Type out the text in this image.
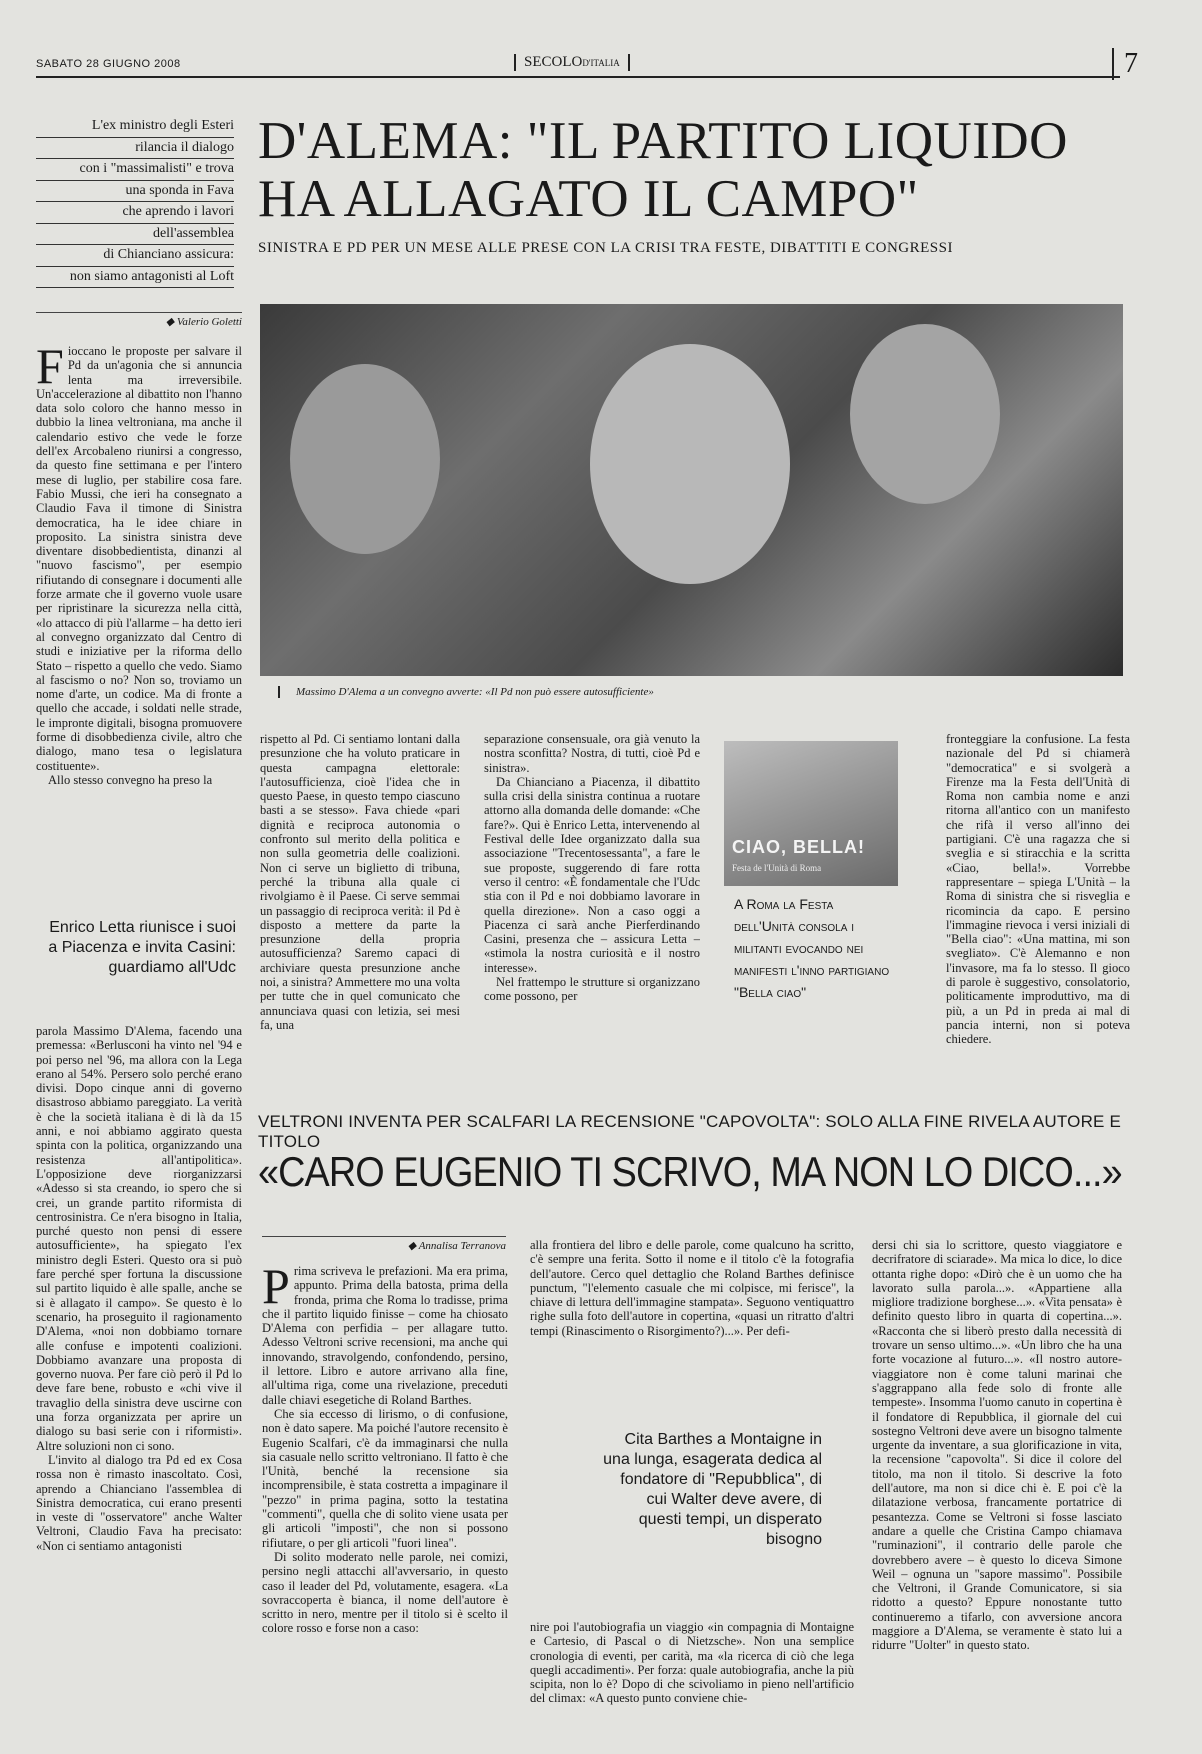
SABATO 28 GIUGNO 2008	SECOLOD'ITALIA	7
L'ex ministro degli Esteri
rilancia il dialogo
con i "massimalisti" e trova
una sponda in Fava
che aprendo i lavori
dell'assemblea
di Chianciano assicura:
non siamo antagonisti al Loft
D'ALEMA: "IL PARTITO LIQUIDO HA ALLAGATO IL CAMPO"
SINISTRA E PD PER UN MESE ALLE PRESE CON LA CRISI TRA FESTE, DIBATTITI E CONGRESSI
◆ Valerio Goletti
Massimo D'Alema a un convegno avverte: «Il Pd non può essere autosufficiente»
F ioccano le proposte per salvare il Pd da un'agonia che si annuncia lenta ma irreversibile. Un'accelerazione al dibattito non l'hanno data solo coloro che hanno messo in dubbio la linea veltroniana, ma anche il calendario estivo che vede le forze dell'ex Arcobaleno riunirsi a congresso, da questo fine settimana e per l'intero mese di luglio, per stabilire cosa fare. Fabio Mussi, che ieri ha consegnato a Claudio Fava il timone di Sinistra democratica, ha le idee chiare in proposito. La sinistra sinistra deve diventare disobbedientista, dinanzi al "nuovo fascismo", per esempio rifiutando di consegnare i documenti alle forze armate che il governo vuole usare per ripristinare la sicurezza nella città, «lo attacco di più l'allarme – ha detto ieri al convegno organizzato dal Centro di studi e iniziative per la riforma dello Stato – rispetto a quello che vedo. Siamo al fascismo o no? Non so, troviamo un nome d'arte, un codice. Ma di fronte a quello che accade, i soldati nelle strade, le impronte digitali, bisogna promuovere forme di disobbedienza civile, altro che dialogo, mano tesa o legislatura costituente».

Allo stesso convegno ha preso la

Enrico Letta riunisce i suoi a Piacenza e invita Casini: guardiamo all'Udc

parola Massimo D'Alema, facendo una premessa: «Berlusconi ha vinto nel '94 e poi perso nel '96, ma allora con la Lega erano al 54%. Persero solo perché erano divisi. Dopo cinque anni di governo disastroso abbiamo pareggiato. La verità è che la società italiana è di là da 15 anni, e noi abbiamo aggirato questa spinta con la politica, organizzando una resistenza all'antipolitica». L'opposizione deve riorganizzarsi «Adesso si sta creando, io spero che si crei, un grande partito riformista di centrosinistra. Ce n'era bisogno in Italia, purché questo non pensi di essere autosufficiente», ha spiegato l'ex ministro degli Esteri. Questo ora si può fare perché sper fortuna la discussione sul partito liquido è alle spalle, anche se si è allagato il campo». Se questo è lo scenario, ha proseguito il ragionamento D'Alema, «noi non dobbiamo tornare alle confuse e impotenti coalizioni. Dobbiamo avanzare una proposta di governo nuova. Per fare ciò però il Pd lo deve fare bene, robusto e «chi vive il travaglio della sinistra deve uscirne con una forza organizzata per aprire un dialogo su basi serie con i riformisti». Altre soluzioni non ci sono.

L'invito al dialogo tra Pd ed ex Cosa rossa non è rimasto inascoltato. Così, aprendo a Chianciano l'assemblea di Sinistra democratica, cui erano presenti in veste di "osservatore" anche Walter Veltroni, Claudio Fava ha precisato: «Non ci sentiamo antagonisti

rispetto al Pd. Ci sentiamo lontani dalla presunzione che ha voluto praticare in questa campagna elettorale: l'autosufficienza, cioè l'idea che in questo Paese, in questo tempo ciascuno basti a se stesso». Fava chiede «pari dignità e reciproca autonomia o confronto sul merito della politica e non sulla geometria delle coalizioni. Non ci serve un biglietto di tribuna, perché la tribuna alla quale ci rivolgiamo è il Paese. Ci serve semmai un passaggio di reciproca verità: il Pd è disposto a mettere da parte la presunzione della propria autosufficienza? Saremo capaci di archiviare questa presunzione anche noi, a sinistra? Ammettere mo una volta per tutte che in quel comunicato che annunciava quasi con letizia, sei mesi fa, una

separazione consensuale, ora già venuto la nostra sconfitta? Nostra, di tutti, cioè Pd e sinistra».

Da Chianciano a Piacenza, il dibattito sulla crisi della sinistra continua a ruotare attorno alla domanda delle domande: «Che fare?». Qui è Enrico Letta, intervenendo al Festival delle Idee organizzato dalla sua associazione "Trecentosessanta", a fare le sue proposte, suggerendo di fare rotta verso il centro: «È fondamentale che l'Udc stia con il Pd e noi dobbiamo lavorare in quella direzione». Non a caso oggi a Piacenza ci sarà anche Pierferdinando Casini, presenza che – assicura Letta – «stimola la nostra curiosità e il nostro interesse».

Nel frattempo le strutture si organizzano come possono, per

CIAO, BELLA!
Festa de l'Unità di Roma
A Roma la Festa dell'Unità consola i militanti evocando nei manifesti l'inno partigiano "Bella ciao"

fronteggiare la confusione. La festa nazionale del Pd si chiamerà "democratica" e si svolgerà a Firenze ma la Festa dell'Unità di Roma non cambia nome e anzi ritorna all'antico con un manifesto che rifà il verso all'inno dei partigiani. C'è una ragazza che si sveglia e si stiracchia e la scritta «Ciao, bella!». Vorrebbe rappresentare – spiega L'Unità – la Roma di sinistra che si risveglia e ricomincia da capo. E persino l'immagine rievoca i versi iniziali di "Bella ciao": «Una mattina, mi son svegliato». C'è Alemanno e non l'invasore, ma fa lo stesso. Il gioco di parole è suggestivo, consolatorio, politicamente improduttivo, ma di più, a un Pd in preda ai mal di pancia interni, non si poteva chiedere.

VELTRONI INVENTA PER SCALFARI LA RECENSIONE "CAPOVOLTA": SOLO ALLA FINE RIVELA AUTORE E TITOLO
«CARO EUGENIO TI SCRIVO, MA NON LO DICO...»
◆ Annalisa Terranova
P rima scriveva le prefazioni. Ma era prima, appunto. Prima della batosta, prima della fronda, prima che Roma lo tradisse, prima che il partito liquido finisse – come ha chiosato D'Alema con perfidia – per allagare tutto. Adesso Veltroni scrive recensioni, ma anche qui innovando, stravolgendo, confondendo, persino, il lettore. Libro e autore arrivano alla fine, all'ultima riga, come una rivelazione, preceduti dalle chiavi esegetiche di Roland Barthes.

Che sia eccesso di lirismo, o di confusione, non è dato sapere. Ma poiché l'autore recensito è Eugenio Scalfari, c'è da immaginarsi che nulla sia casuale nello scritto veltroniano. Il fatto è che l'Unità, benché la recensione sia incomprensibile, è stata costretta a impaginare il "pezzo" in prima pagina, sotto la testatina "commenti", quella che di solito viene usata per gli articoli "imposti", che non si possono rifiutare, o per gli articoli "fuori linea".

Di solito moderato nelle parole, nei comizi, persino negli attacchi all'avversario, in questo caso il leader del Pd, volutamente, esagera. «La sovraccoperta è bianca, il nome dell'autore è scritto in nero, mentre per il titolo si è scelto il colore rosso e forse non a caso:

alla frontiera del libro e delle parole, come qualcuno ha scritto, c'è sempre una ferita. Sotto il nome e il titolo c'è la fotografia dell'autore. Cerco quel dettaglio che Roland Barthes definisce punctum, "l'elemento casuale che mi colpisce, mi ferisce", la chiave di lettura dell'immagine stampata». Seguono ventiquattro righe sulla foto dell'autore in copertina, «quasi un ritratto d'altri tempi (Rinascimento o Risorgimento?)...». Per defi-

Cita Barthes a Montaigne in una lunga, esagerata dedica al fondatore di "Repubblica", di cui Walter deve avere, di questi tempi, un disperato bisogno

nire poi l'autobiografia un viaggio «in compagnia di Montaigne e Cartesio, di Pascal o di Nietzsche». Non una semplice cronologia di eventi, per carità, ma «la ricerca di ciò che lega quegli accadimenti». Per forza: quale autobiografia, anche la più scipita, non lo è? Dopo di che scivoliamo in pieno nell'artificio del climax: «A questo punto conviene chie-

dersi chi sia lo scrittore, questo viaggiatore e decrifratore di sciarade». Ma mica lo dice, lo dice ottanta righe dopo: «Dirò che è un uomo che ha lavorato sulla parola...». «Appartiene alla migliore tradizione borghese...». «Vita pensata» è definito questo libro in quarta di copertina...». «Racconta che si liberò presto dalla necessità di trovare un senso ultimo...». «Un libro che ha una forte vocazione al futuro...». «Il nostro autore-viaggiatore non è come taluni marinai che s'aggrappano alla fede solo di fronte alle tempeste». Insomma l'uomo canuto in copertina è il fondatore di Repubblica, il giornale del cui sostegno Veltroni deve avere un bisogno talmente urgente da inventare, a sua glorificazione in vita, la recensione "capovolta". Si dice il colore del titolo, ma non il titolo. Si descrive la foto dell'autore, ma non si dice chi è. E poi c'è la dilatazione verbosa, francamente portatrice di pesantezza. Come se Veltroni si fosse lasciato andare a quelle che Cristina Campo chiamava "ruminazioni", il contrario delle parole che dovrebbero avere – è questo lo diceva Simone Weil – ognuna un "sapore massimo". Possibile che Veltroni, il Grande Comunicatore, si sia ridotto a questo? Eppure nonostante tutto continueremo a tifarlo, con avversione ancora maggiore a D'Alema, se veramente è stato lui a ridurre "Uolter" in questo stato.
